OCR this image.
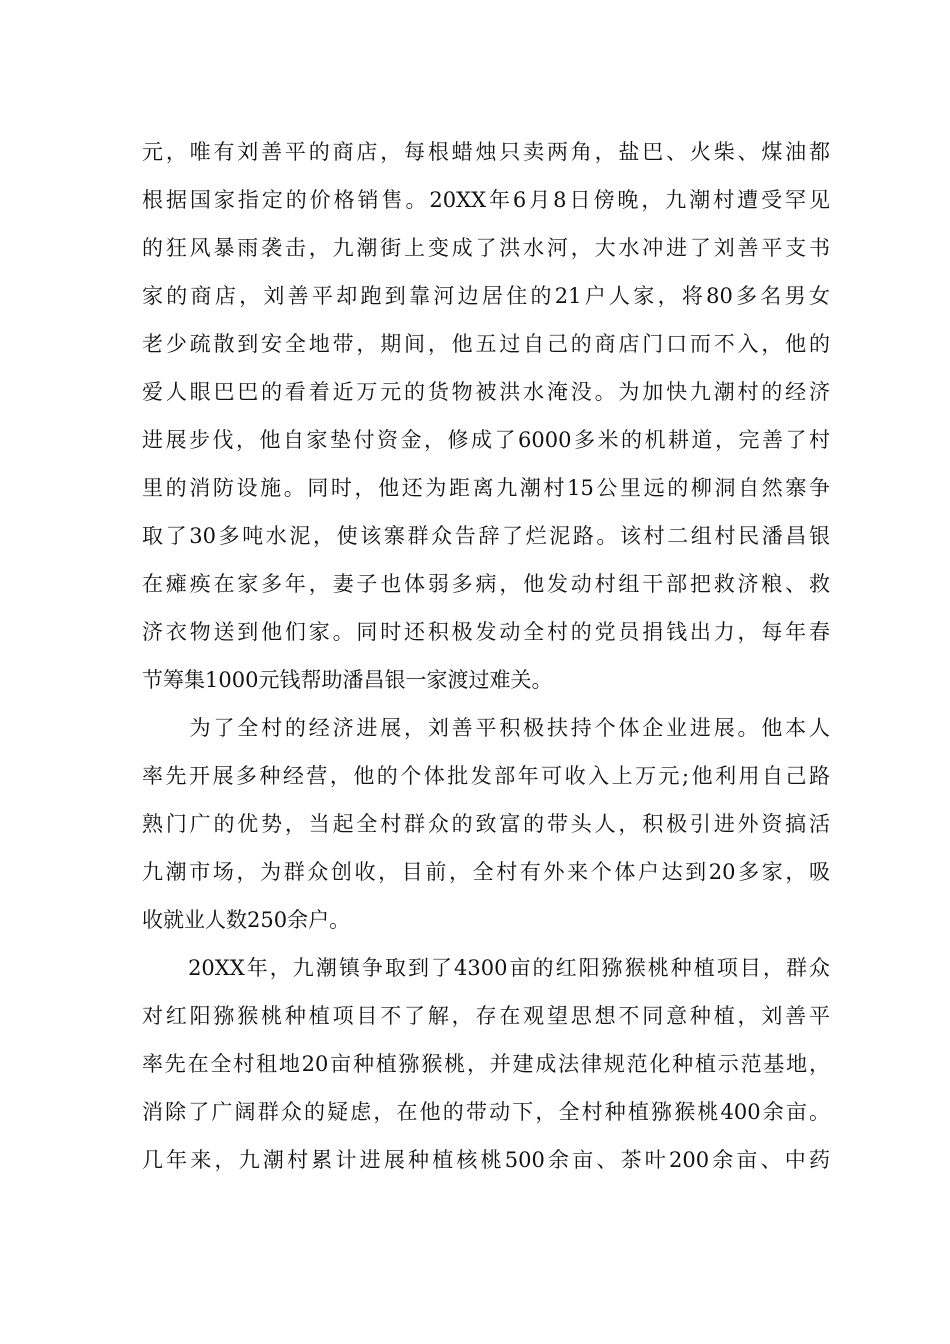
元，唯有刘善平的商店，每根蜡烛只卖两角，盐巴、火柴、煤油都
根据国家指定的价格销售。20XX年6月8日傍晚，九潮村遭受罕见
的狂风暴雨袭击，九潮街上变成了洪水河，大水冲进了刘善平支书
家的商店，刘善平却跑到靠河边居住的21户人家，将80多名男女
老少疏散到安全地带，期间，他五过自己的商店门口而不入，他的
爱人眼巴巴的看着近万元的货物被洪水淹没。为加快九潮村的经济
进展步伐，他自家垫付资金，修成了6000多米的机耕道，完善了村
里的消防设施。同时，他还为距离九潮村15公里远的柳洞自然寨争
取了30多吨水泥，使该寨群众告辞了烂泥路。该村二组村民潘昌银
在瘫痪在家多年，妻子也体弱多病，他发动村组干部把救济粮、救
济衣物送到他们家。同时还积极发动全村的党员捐钱出力，每年春
节筹集1000元钱帮助潘昌银一家渡过难关。
　　为了全村的经济进展，刘善平积极扶持个体企业进展。他本人
率先开展多种经营，他的个体批发部年可收入上万元;他利用自己路
熟门广的优势，当起全村群众的致富的带头人，积极引进外资搞活
九潮市场，为群众创收，目前，全村有外来个体户达到20多家，吸
收就业人数250余户。
　　20XX年，九潮镇争取到了4300亩的红阳猕猴桃种植项目，群众
对红阳猕猴桃种植项目不了解，存在观望思想不同意种植，刘善平
率先在全村租地20亩种植猕猴桃，并建成法律规范化种植示范基地，
消除了广阔群众的疑虑，在他的带动下，全村种植猕猴桃400余亩。
几年来，九潮村累计进展种植核桃500余亩、茶叶200余亩、中药
